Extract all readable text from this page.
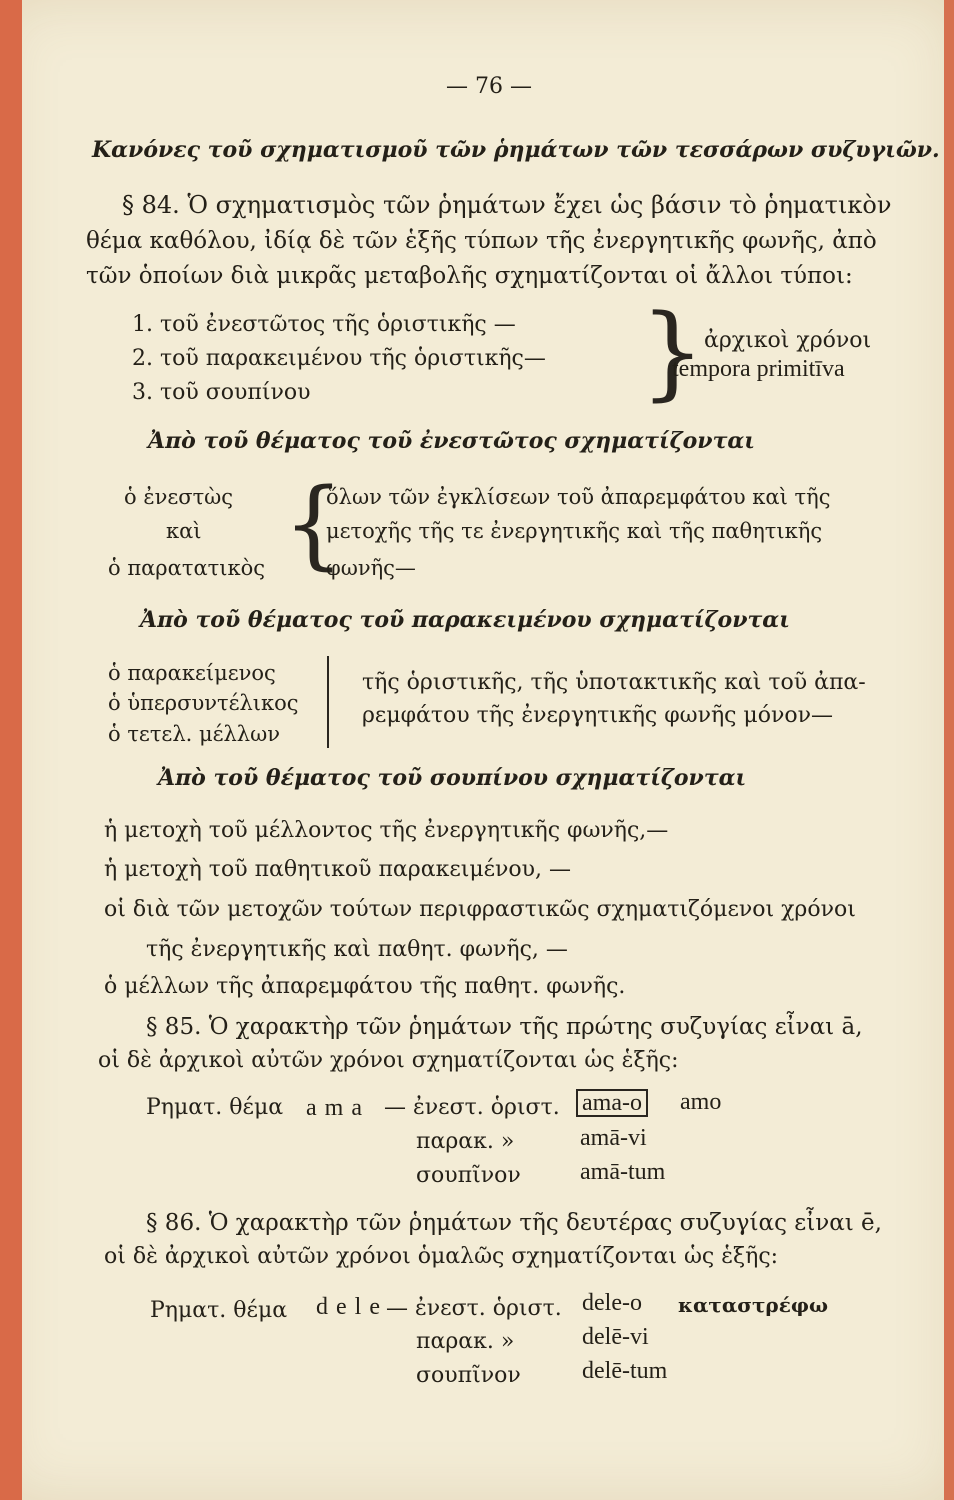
— 76 —
Κανόνες τοῦ σχηματισμοῦ τῶν ῥημάτων τῶν τεσσάρων συζυγιῶν.
§ 84. Ὁ σχηματισμὸς τῶν ῥημάτων ἔχει ὡς βάσιν τὸ ῥηματικὸν
θέμα καθόλου, ἰδίᾳ δὲ τῶν ἑξῆς τύπων τῆς ἐνεργητικῆς φωνῆς, ἀπὸ
τῶν ὁποίων διὰ μικρᾶς μεταβολῆς σχηματίζονται οἱ ἄλλοι τύποι:
1. τοῦ ἐνεστῶτος τῆς ὁριστικῆς —
2. τοῦ παρακειμένου τῆς ὁριστικῆς—
3. τοῦ σουπίνου	} ἀρχικοὶ χρόνοι
tempora primitīva
Ἀπὸ τοῦ θέματος τοῦ ἐνεστῶτος σχηματίζονται
ὁ ἐνεστὼς
καὶ
ὁ παρατατικὸς {
ὅλων τῶν ἐγκλίσεων τοῦ ἀπαρεμφάτου καὶ τῆς
μετοχῆς τῆς τε ἐνεργητικῆς καὶ τῆς παθητικῆς
φωνῆς—
Ἀπὸ τοῦ θέματος τοῦ παρακειμένου σχηματίζονται
ὁ παρακείμενος
ὁ ὑπερσυντέλικος
ὁ τετελ. μέλλων
τῆς ὁριστικῆς, τῆς ὑποτακτικῆς καὶ τοῦ ἀπα-
ρεμφάτου τῆς ἐνεργητικῆς φωνῆς μόνον—
Ἀπὸ τοῦ θέματος τοῦ σουπίνου σχηματίζονται
ἡ μετοχὴ τοῦ μέλλοντος τῆς ἐνεργητικῆς φωνῆς,—
ἡ μετοχὴ τοῦ παθητικοῦ παρακειμένου, —
οἱ διὰ τῶν μετοχῶν τούτων περιφραστικῶς σχηματιζόμενοι χρόνοι
τῆς ἐνεργητικῆς καὶ παθητ. φωνῆς, —
ὁ μέλλων τῆς ἀπαρεμφάτου τῆς παθητ. φωνῆς.
§ 85. Ὁ χαρακτὴρ τῶν ῥημάτων τῆς πρώτης συζυγίας εἶναι ā,
οἱ δὲ ἀρχικοὶ αὐτῶν χρόνοι σχηματίζονται ὡς ἑξῆς:
Ρηματ. θέμα a m a — ἐνεστ. ὁριστ. ama-o amo
παρακ. »	amā-vi
σουπῖνον amā-tum
§ 86. Ὁ χαρακτὴρ τῶν ῥημάτων τῆς δευτέρας συζυγίας εἶναι ē,
οἱ δὲ ἀρχικοὶ αὐτῶν χρόνοι ὁμαλῶς σχηματίζονται ὡς ἑξῆς:
Ρηματ. θέμα d e l e — ἐνεστ. ὁριστ. dele-o καταστρέφω
παρακ. »	delē-vi
σουπῖνον	delē-tum
